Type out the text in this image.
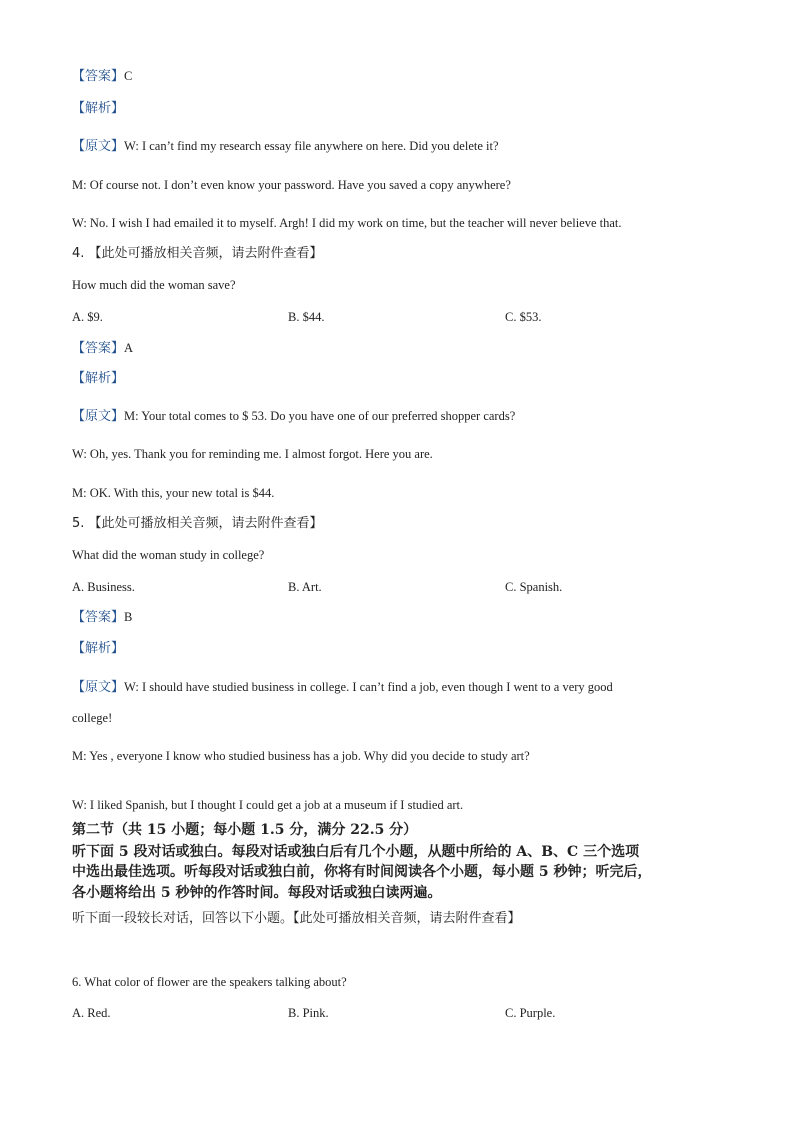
【答案】C
【解析】
【原文】W: I can’t find my research essay file anywhere on here. Did you delete it?
M: Of course not. I don’t even know your password. Have you saved a copy anywhere?
W: No. I wish I had emailed it to myself. Argh! I did my work on time, but the teacher will never believe that.
4. 【此处可播放相关音频，请去附件查看】
How much did the woman save?
A. $9.	B. $44.	C. $53.
【答案】A
【解析】
【原文】M: Your total comes to $ 53. Do you have one of our preferred shopper cards?
W: Oh, yes. Thank you for reminding me. I almost forgot. Here you are.
M: OK. With this, your new total is $44.
5. 【此处可播放相关音频，请去附件查看】
What did the woman study in college?
A. Business.	B. Art.	C. Spanish.
【答案】B
【解析】
【原文】W: I should have studied business in college. I can’t find a job, even though I went to a very good
college!
M: Yes , everyone I know who studied business has a job. Why did you decide to study art?
W: I liked Spanish, but I thought I could get a job at a museum if I studied art.
第二节（共 15 小题；每小题 1.5 分，满分 22.5 分）
听下面 5 段对话或独白。每段对话或独白后有几个小题，从题中所给的 A、B、C 三个选项
中选出最佳选项。听每段对话或独白前，你将有时间阅读各个小题，每小题 5 秒钟；听完后，
各小题将给出 5 秒钟的作答时间。每段对话或独白读两遍。
听下面一段较长对话，回答以下小题。【此处可播放相关音频，请去附件查看】
6. What color of flower are the speakers talking about?
A. Red.	B. Pink.	C. Purple.
